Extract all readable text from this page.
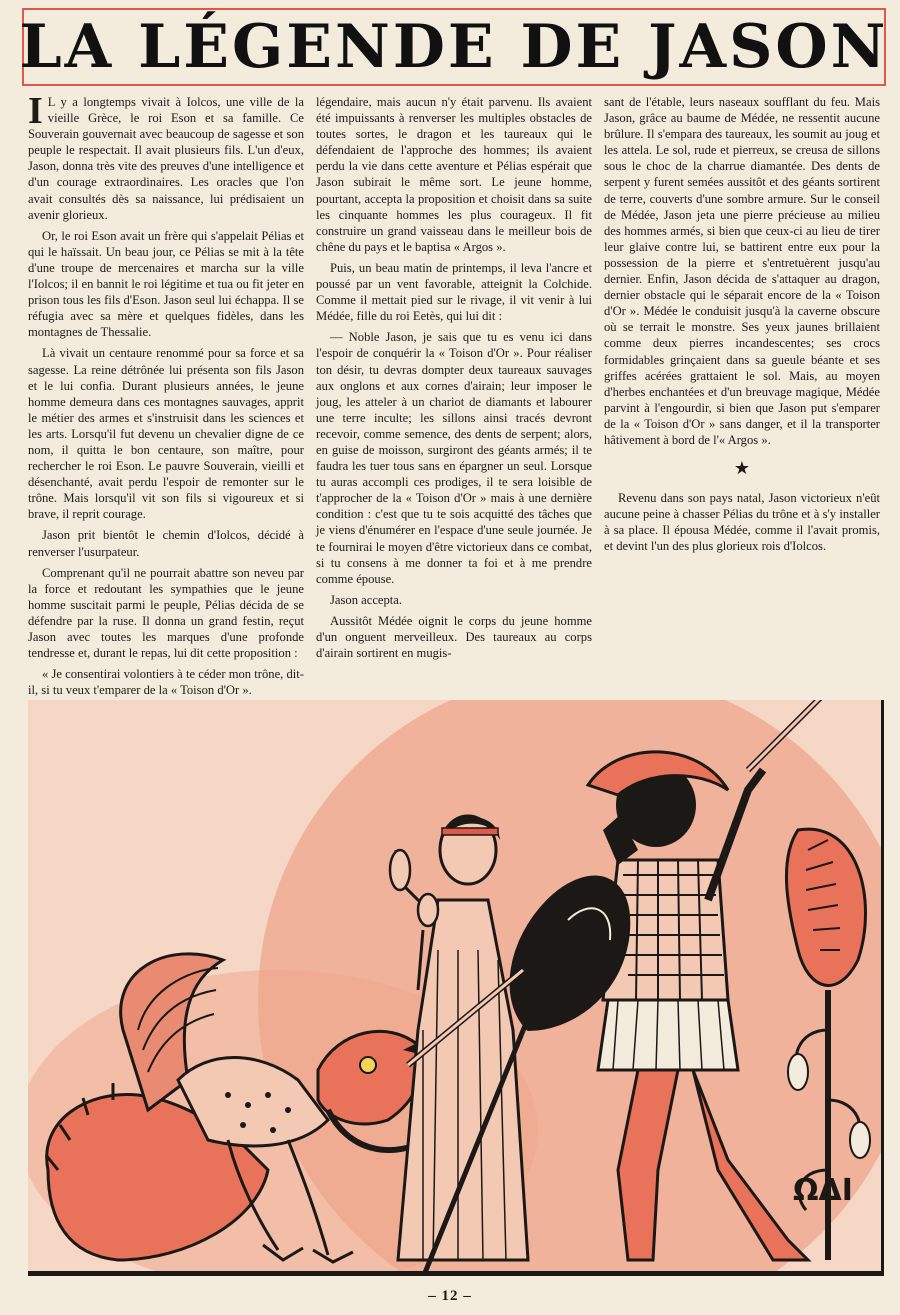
LA LÉGENDE DE JASON

I L y a longtemps vivait à Iolcos, une ville de la vieille Grèce, le roi Eson et sa famille. Ce Souverain gouvernait avec beaucoup de sagesse et son peuple le respectait. Il avait plusieurs fils. L'un d'eux, Jason, donna très vite des preuves d'une intelligence et d'un courage extraordinaires. Les oracles que l'on avait consultés dès sa naissance, lui prédisaient un avenir glorieux.

Or, le roi Eson avait un frère qui s'appelait Pélias et qui le haïssait. Un beau jour, ce Pélias se mit à la tête d'une troupe de mercenaires et marcha sur la ville l'Iolcos; il en bannit le roi légitime et tua ou fit jeter en prison tous les fils d'Eson. Jason seul lui échappa. Il se réfugia avec sa mère et quelques fidèles, dans les montagnes de Thessalie.

Là vivait un centaure renommé pour sa force et sa sagesse. La reine détrônée lui présenta son fils Jason et le lui confia. Durant plusieurs années, le jeune homme demeura dans ces montagnes sauvages, apprit le métier des armes et s'instruisit dans les sciences et les arts. Lorsqu'il fut devenu un chevalier digne de ce nom, il quitta le bon centaure, son maître, pour rechercher le roi Eson. Le pauvre Souverain, vieilli et désenchanté, avait perdu l'espoir de remonter sur le trône. Mais lorsqu'il vit son fils si vigoureux et si brave, il reprit courage.

Jason prit bientôt le chemin d'Iolcos, décidé à renverser l'usurpateur.

Comprenant qu'il ne pourrait abattre son neveu par la force et redoutant les sympathies que le jeune homme suscitait parmi le peuple, Pélias décida de se défendre par la ruse. Il donna un grand festin, reçut Jason avec toutes les marques d'une profonde tendresse et, durant le repas, lui dit cette proposition :

« Je consentirai volontiers à te céder mon trône, dit-il, si tu veux t'emparer de la « Toison d'Or ».

légendaire, mais aucun n'y était parvenu. Ils avaient été impuissants à renverser les multiples obstacles de toutes sortes, le dragon et les taureaux qui le défendaient de l'approche des hommes; ils avaient perdu la vie dans cette aventure et Pélias espérait que Jason subirait le même sort. Le jeune homme, pourtant, accepta la proposition et choisit dans sa suite les cinquante hommes les plus courageux. Il fit construire un grand vaisseau dans le meilleur bois de chêne du pays et le baptisa « Argos ».

Puis, un beau matin de printemps, il leva l'ancre et poussé par un vent favorable, atteignit la Colchide. Comme il mettait pied sur le rivage, il vit venir à lui Médée, fille du roi Eetès, qui lui dit :

— Noble Jason, je sais que tu es venu ici dans l'espoir de conquérir la « Toison d'Or ». Pour réaliser ton désir, tu devras dompter deux taureaux sauvages aux onglons et aux cornes d'airain; leur imposer le joug, les atteler à un chariot de diamants et labourer une terre inculte; les sillons ainsi tracés devront recevoir, comme semence, des dents de serpent; alors, en guise de moisson, surgiront des géants armés; il te faudra les tuer tous sans en épargner un seul. Lorsque tu auras accompli ces prodiges, il te sera loisible de t'approcher de la « Toison d'Or » mais à une dernière condition : c'est que tu te sois acquitté des tâches que je viens d'énumérer en l'espace d'une seule journée. Je te fournirai le moyen d'être victorieux dans ce combat, si tu consens à me donner ta foi et à me prendre comme épouse.

Jason accepta.

Aussitôt Médée oignit le corps du jeune homme d'un onguent merveilleux. Des taureaux au corps d'airain sortirent en mugis-

sant de l'étable, leurs naseaux soufflant du feu. Mais Jason, grâce au baume de Médée, ne ressentit aucune brûlure. Il s'empara des taureaux, les soumit au joug et les attela. Le sol, rude et pierreux, se creusa de sillons sous le choc de la charrue diamantée. Des dents de serpent y furent semées aussitôt et des géants sortirent de terre, couverts d'une sombre armure. Sur le conseil de Médée, Jason jeta une pierre précieuse au milieu des hommes armés, si bien que ceux-ci au lieu de tirer leur glaive contre lui, se battirent entre eux pour la possession de la pierre et s'entretuèrent jusqu'au dernier. Enfin, Jason décida de s'attaquer au dragon, dernier obstacle qui le séparait encore de la « Toison d'Or ». Médée le conduisit jusqu'à la caverne obscure où se terrait le monstre. Ses yeux jaunes brillaient comme deux pierres incandescentes; ses crocs formidables grinçaient dans sa gueule béante et ses griffes acérées grattaient le sol. Mais, au moyen d'herbes enchantées et d'un breuvage magique, Médée parvint à l'engourdir, si bien que Jason put s'emparer de la « Toison d'Or » sans danger, et il la transporter hâtivement à bord de l'« Argos ».

★

Revenu dans son pays natal, Jason victorieux n'eût aucune peine à chasser Pélias du trône et à s'y installer à sa place. Il épousa Médée, comme il l'avait promis, et devint l'un des plus glorieux rois d'Iolcos.

ΩΔΙ
– 12 –
